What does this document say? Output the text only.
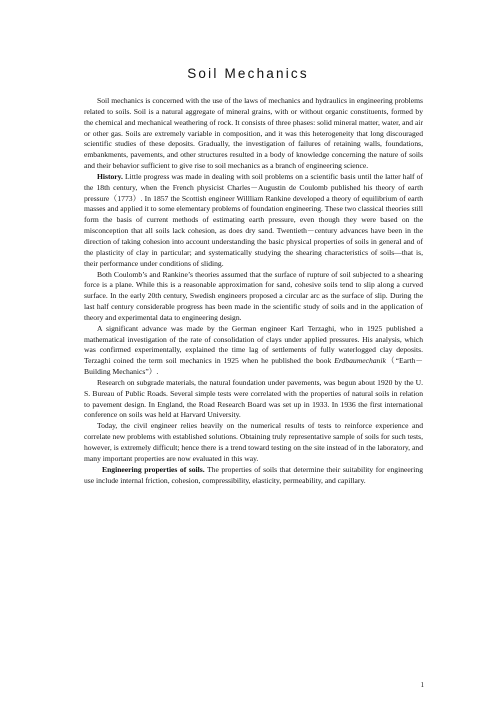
Soil Mechanics

Soil mechanics is concerned with the use of the laws of mechanics and hydraulics in engineering problems related to soils. Soil is a natural aggregate of mineral grains, with or without organic constituents, formed by the chemical and mechanical weathering of rock. It consists of three phases: solid mineral matter, water, and air or other gas. Soils are extremely variable in composition, and it was this heterogeneity that long discouraged scientific studies of these deposits. Gradually, the investigation of failures of retaining walls, foundations, embankments, pavements, and other structures resulted in a body of knowledge concerning the nature of soils and their behavior sufficient to give rise to soil mechanics as a branch of engineering science.

History. Little progress was made in dealing with soil problems on a scientific basis until the latter half of the 18th century, when the French physicist Charles－Augustin de Coulomb published his theory of earth pressure（1773）. In 1857 the Scottish engineer Willliam Rankine developed a theory of equilibrium of earth masses and applied it to some elementary problems of foundation engineering. These two classical theories still form the basis of current methods of estimating earth pressure, even though they were based on the misconception that all soils lack cohesion, as does dry sand. Twentieth－century advances have been in the direction of taking cohesion into account understanding the basic physical properties of soils in general and of the plasticity of clay in particular; and systematically studying the shearing characteristics of soils—that is, their performance under conditions of sliding.

Both Coulomb’s and Rankine’s theories assumed that the surface of rupture of soil subjected to a shearing force is a plane. While this is a reasonable approximation for sand, cohesive soils tend to slip along a curved surface. In the early 20th century, Swedish engineers proposed a circular arc as the surface of slip. During the last half century considerable progress has been made in the scientific study of soils and in the application of theory and experimental data to engineering design.

A significant advance was made by the German engineer Karl Terzaghi, who in 1925 published a mathematical investigation of the rate of consolidation of clays under applied pressures. His analysis, which was confirmed experimentally, explained the time lag of settlements of fully waterlogged clay deposits. Terzaghi coined the term soil mechanics in 1925 when he published the book Erdbaumechanik（“Earth－Building Mechanics”）.

Research on subgrade materials, the natural foundation under pavements, was begun about 1920 by the U. S. Bureau of Public Roads. Several simple tests were correlated with the properties of natural soils in relation to pavement design. In England, the Road Research Board was set up in 1933. In 1936 the first international conference on soils was held at Harvard University.

Today, the civil engineer relies heavily on the numerical results of tests to reinforce experience and correlate new problems with established solutions. Obtaining truly representative sample of soils for such tests, however, is extremely difficult; hence there is a trend toward testing on the site instead of in the laboratory, and many important properties are now evaluated in this way.

Engineering properties of soils. The properties of soils that determine their suitability for engineering use include internal friction, cohesion, compressibility, elasticity, permeability, and capillary.

1
